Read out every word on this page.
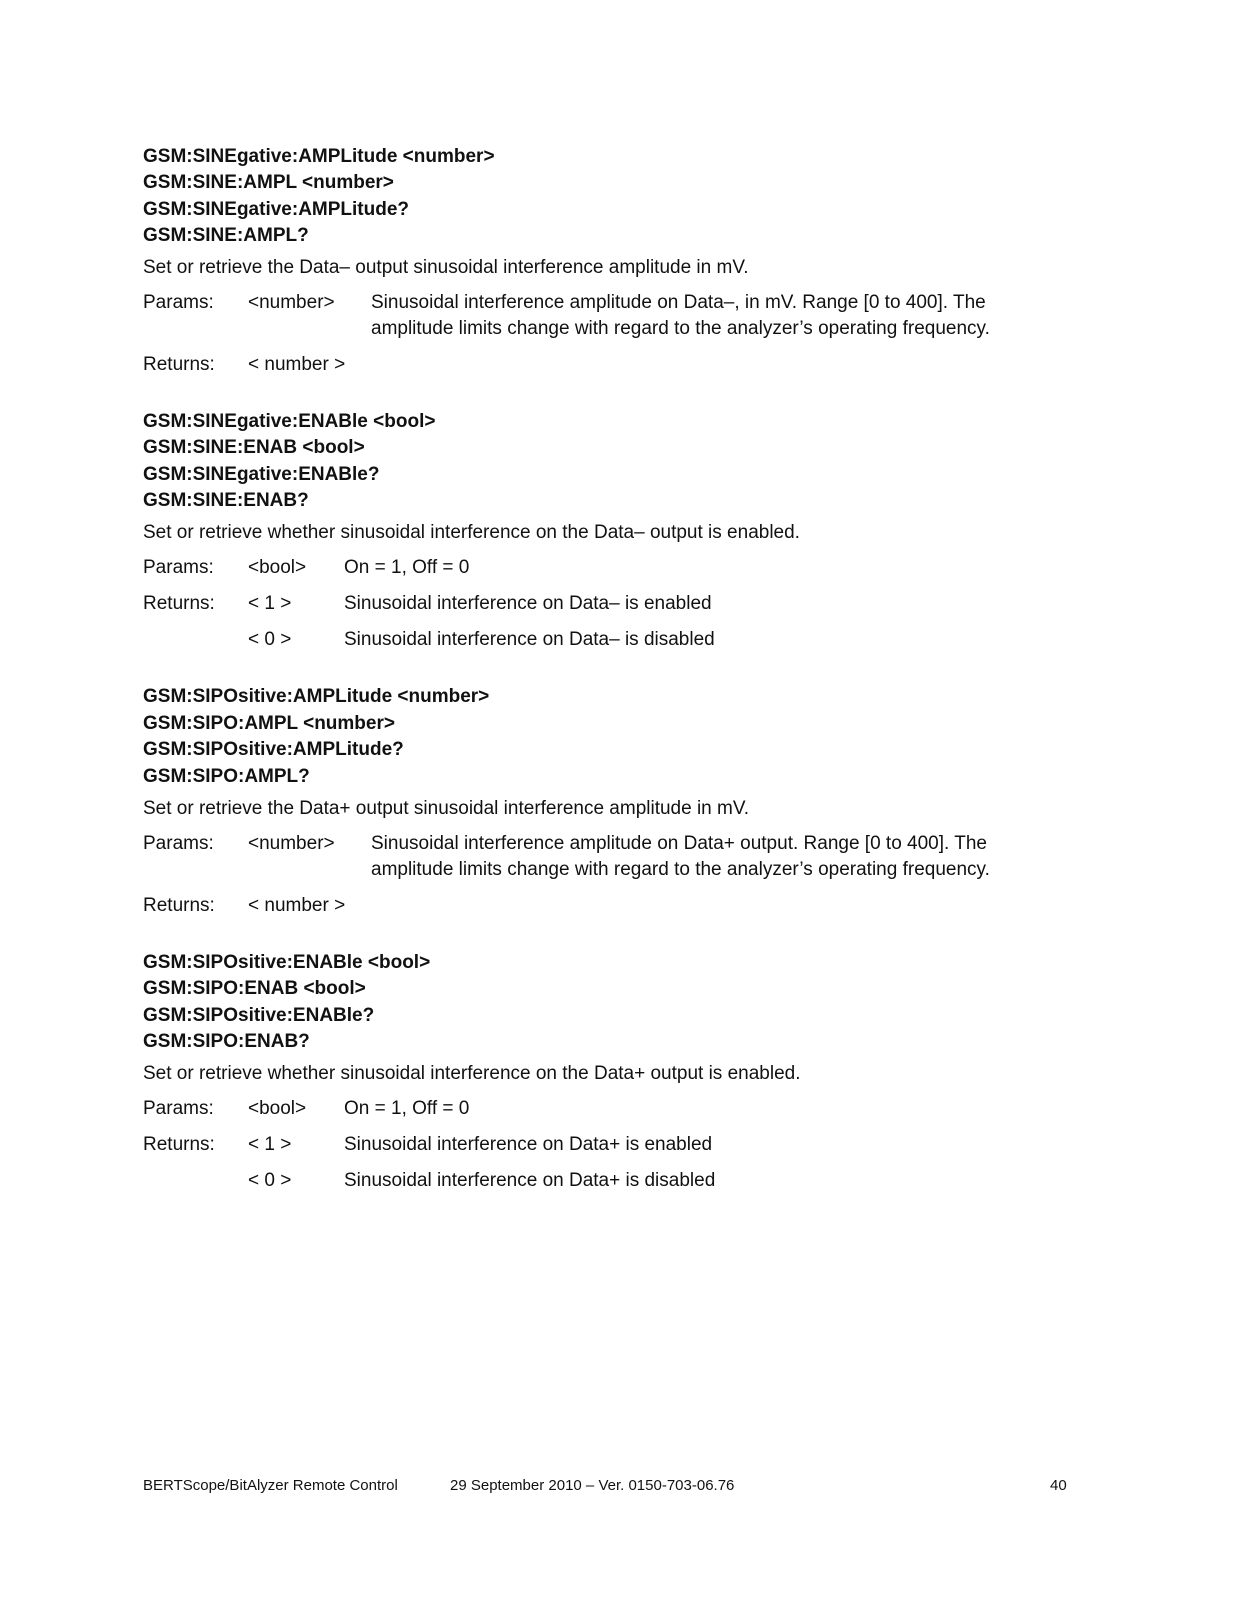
GSM:SINEgative:AMPLitude <number>
GSM:SINE:AMPL <number>
GSM:SINEgative:AMPLitude?
GSM:SINE:AMPL?
Set or retrieve the Data– output sinusoidal interference amplitude in mV.
Params: <number> Sinusoidal interference amplitude on Data–, in mV. Range [0 to 400]. The
amplitude limits change with regard to the analyzer’s operating frequency.
Returns: < number >
GSM:SINEgative:ENABle <bool>
GSM:SINE:ENAB <bool>
GSM:SINEgative:ENABle?
GSM:SINE:ENAB?
Set or retrieve whether sinusoidal interference on the Data– output is enabled.
Params: <bool> On = 1, Off = 0
Returns: < 1 >	Sinusoidal interference on Data– is enabled
< 0 >	Sinusoidal interference on Data– is disabled
GSM:SIPOsitive:AMPLitude <number>
GSM:SIPO:AMPL <number>
GSM:SIPOsitive:AMPLitude?
GSM:SIPO:AMPL?
Set or retrieve the Data+ output sinusoidal interference amplitude in mV.
Params: <number> Sinusoidal interference amplitude on Data+ output. Range [0 to 400]. The
amplitude limits change with regard to the analyzer’s operating frequency.
Returns: < number >
GSM:SIPOsitive:ENABle <bool>
GSM:SIPO:ENAB <bool>
GSM:SIPOsitive:ENABle?
GSM:SIPO:ENAB?
Set or retrieve whether sinusoidal interference on the Data+ output is enabled.
Params: <bool> On = 1, Off = 0
Returns: < 1 >	Sinusoidal interference on Data+ is enabled
< 0 >	Sinusoidal interference on Data+ is disabled
BERTScope/BitAlyzer Remote Control	29 September 2010 – Ver. 0150-703-06.76	40
